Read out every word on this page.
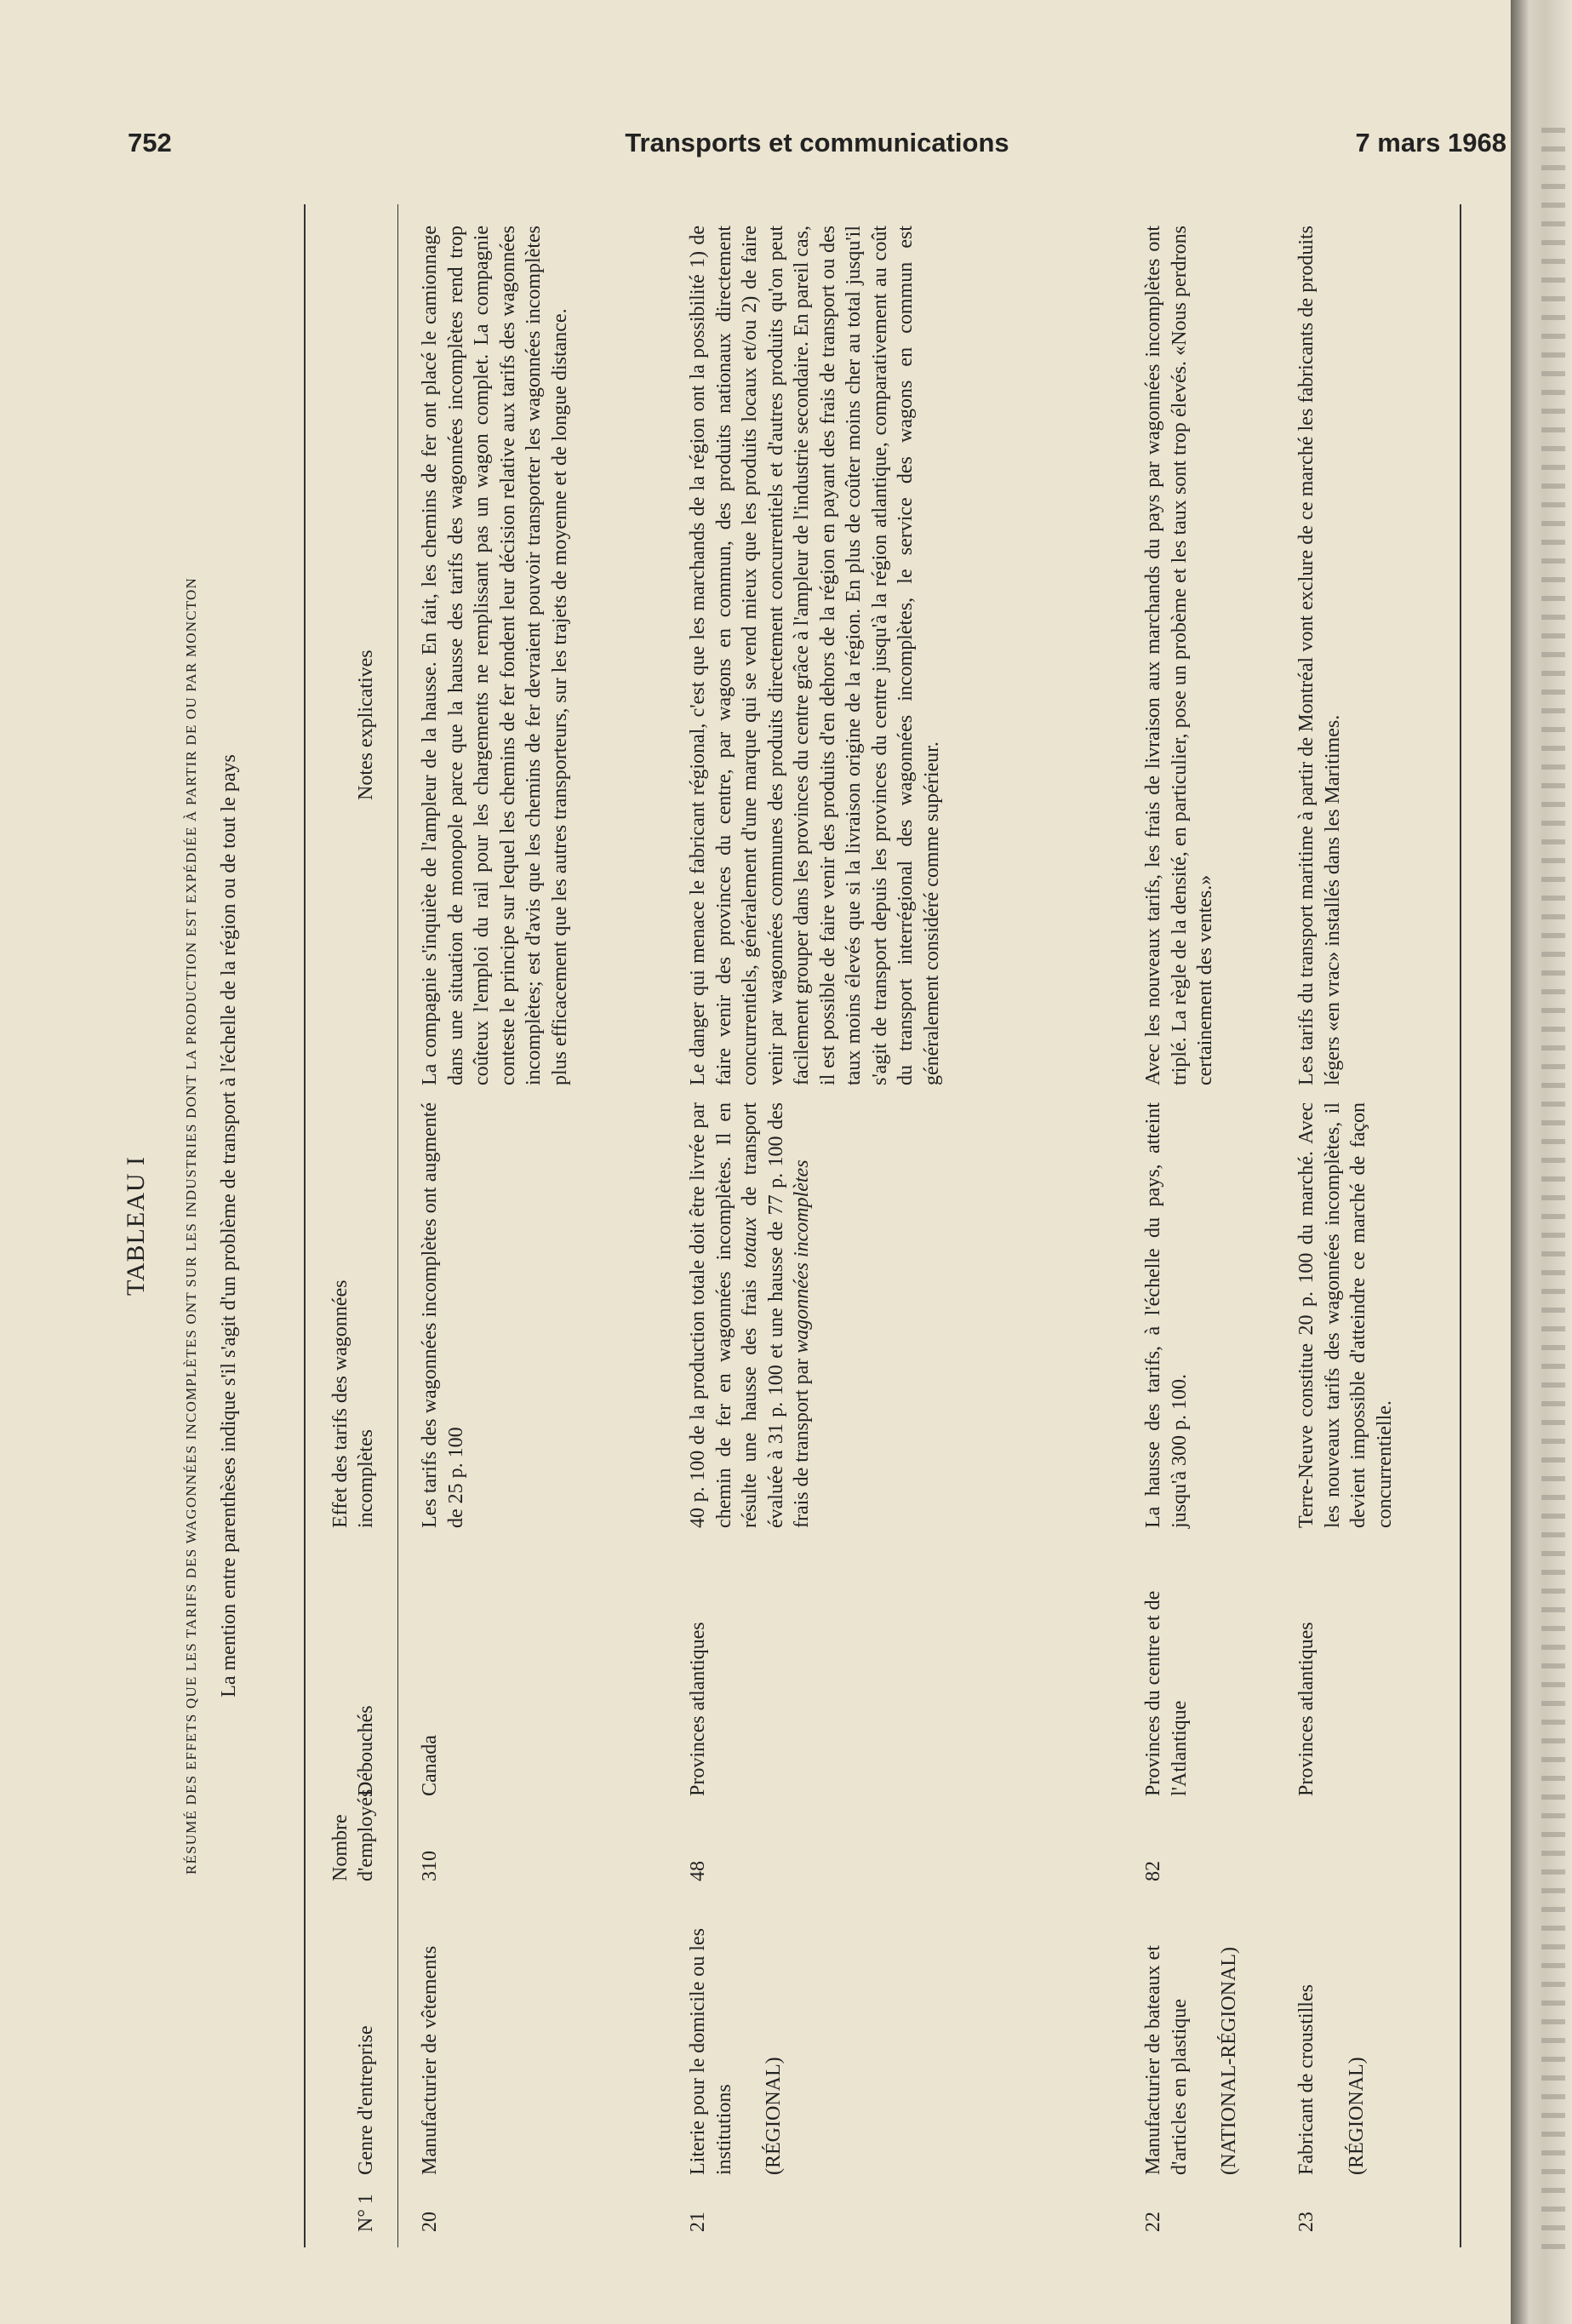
752	Transports et communications	7 mars 1968
TABLEAU I RÉSUMÉ DES EFFETS QUE LES TARIFS DES WAGONNÉES INCOMPLÈTES ONT SUR LES INDUSTRIES DONT LA PRODUCTION EST EXPÉDIÉE À PARTIR DE OU PAR MONCTON La mention entre parenthèses indique s'il s'agit d'un problème de transport à l'échelle de la région ou de tout le pays
N° 1
Genre d'entreprise
Nombre d'employés
Débouchés
Effet des tarifs des wagonnées incomplètes
Notes explicatives
20
Manufacturier de vêtements
310
Canada
Les tarifs des wagonnées incomplètes ont augmenté de 25 p. 100
La compagnie s'inquiète de l'ampleur de la hausse. En fait, les chemins de fer ont placé le camionnage dans une situation de monopole parce que la hausse des tarifs des wagonnées incomplètes rend trop coûteux l'emploi du rail pour les chargements ne remplissant pas un wagon complet. La compagnie conteste le principe sur lequel les chemins de fer fondent leur décision relative aux tarifs des wagonnées incomplètes; est d'avis que les chemins de fer devraient pouvoir transporter les wagonnées incomplètes plus efficacement que les autres transporteurs, sur les trajets de moyenne et de longue distance.
21
Literie pour le domicile ou les institutions (RÉGIONAL)
48
Provinces atlantiques
40 p. 100 de la production totale doit être livrée par chemin de fer en wagonnées incomplètes. Il en résulte une hausse des frais totaux de transport évaluée à 31 p. 100 et une hausse de 77 p. 100 des frais de transport par wagonnées incomplètes
Le danger qui menace le fabricant régional, c'est que les marchands de la région ont la possibilité 1) de faire venir des provinces du centre, par wagons en commun, des produits nationaux directement concurrentiels, généralement d'une marque qui se vend mieux que les produits locaux et/ou 2) de faire venir par wagonnées communes des produits directement concurrentiels et d'autres produits qu'on peut facilement grouper dans les provinces du centre grâce à l'ampleur de l'industrie secondaire. En pareil cas, il est possible de faire venir des produits d'en dehors de la région en payant des frais de transport ou des taux moins élevés que si la livraison origine de la région. En plus de coûter moins cher au total jusqu'il s'agit de transport depuis les provinces du centre jusqu'à la région atlantique, comparativement au coût du transport interrégional des wagonnées incomplètes, le service des wagons en commun est généralement considéré comme supérieur.
22
Manufacturier de bateaux et d'articles en plastique (NATIONAL-RÉGIONAL)
82
Provinces du centre et de l'Atlantique
La hausse des tarifs, à l'échelle du pays, atteint jusqu'à 300 p. 100.
Avec les nouveaux tarifs, les frais de livraison aux marchands du pays par wagonnées incomplètes ont triplé. La règle de la densité, en particulier, pose un probème et les taux sont trop élevés. «Nous perdrons certainement des ventes.»
23
Fabricant de croustilles (RÉGIONAL)
Provinces atlantiques
Terre-Neuve constitue 20 p. 100 du marché. Avec les nouveaux tarifs des wagonnées incomplètes, il devient impossible d'atteindre ce marché de façon concurrentielle.
Les tarifs du transport maritime à partir de Montréal vont exclure de ce marché les fabricants de produits légers «en vrac» installés dans les Maritimes.
